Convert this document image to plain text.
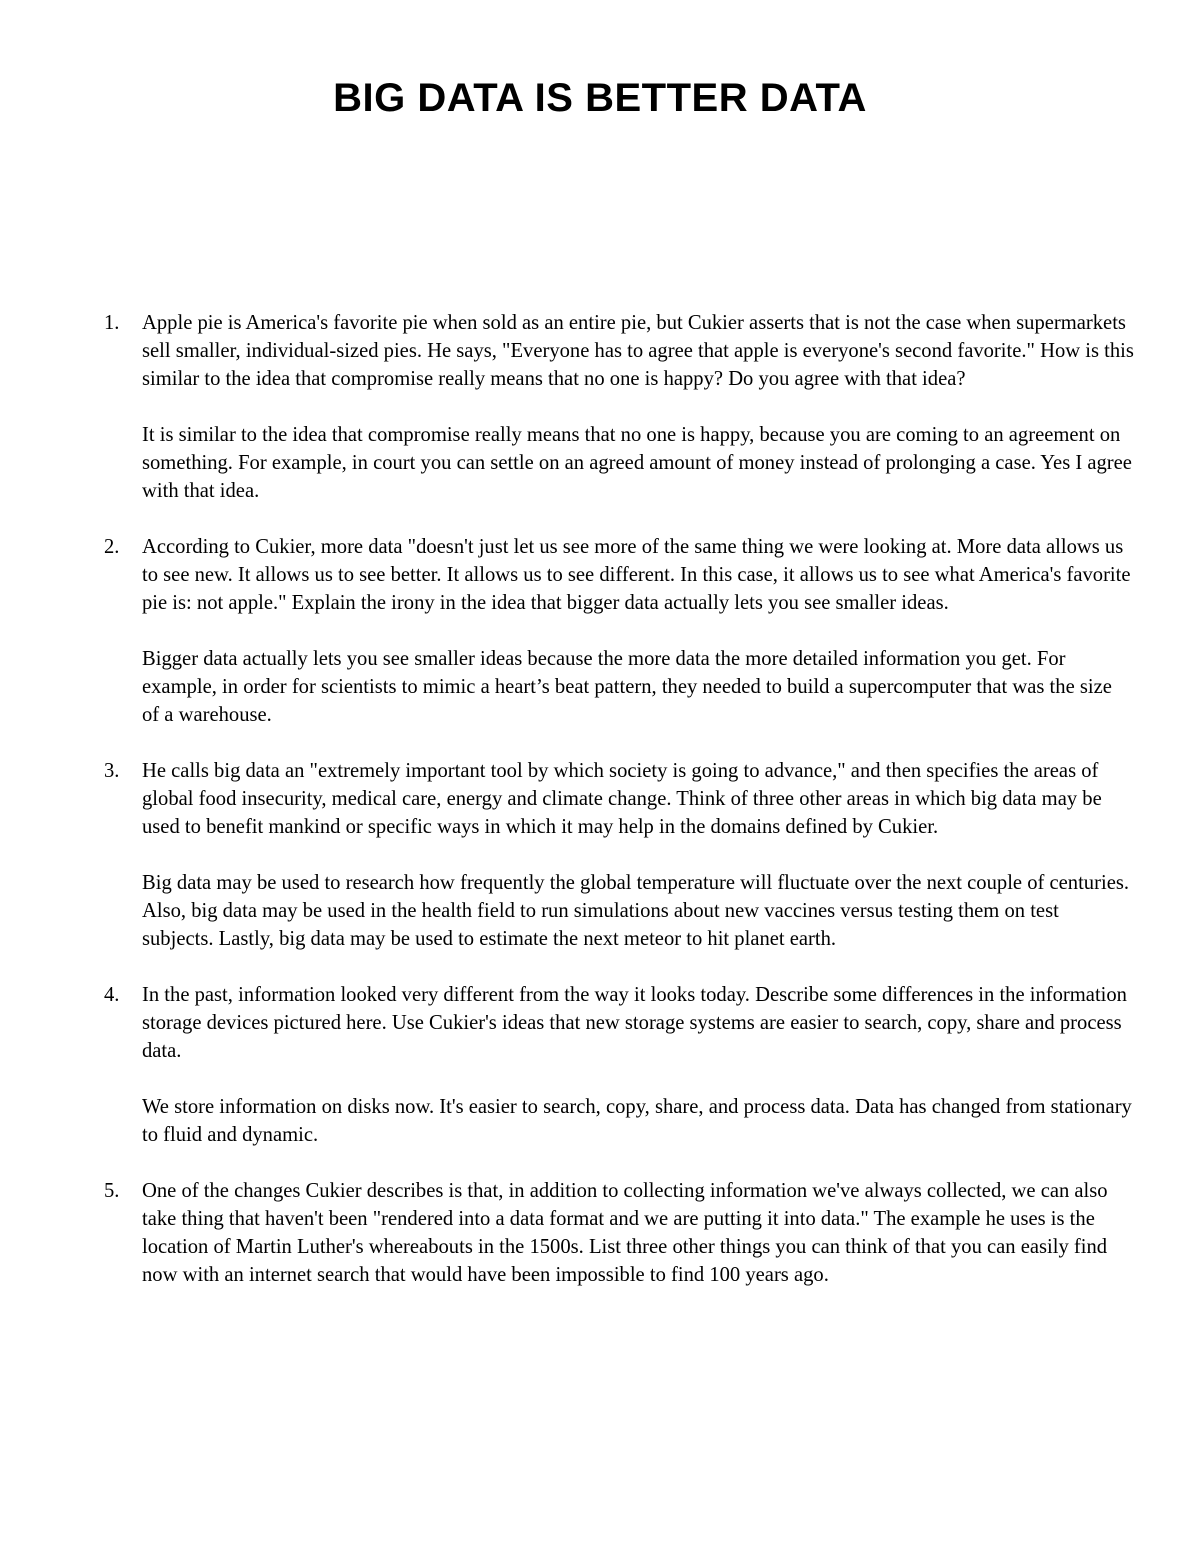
BIG DATA IS BETTER DATA
1.	Apple pie is America's favorite pie when sold as an entire pie, but Cukier asserts that is not the case when supermarkets sell smaller, individual-sized pies. He says, "Everyone has to agree that apple is everyone's second favorite." How is this similar to the idea that compromise really means that no one is happy? Do you agree with that idea?

It is similar to the idea that compromise really means that no one is happy, because you are coming to an agreement on something. For example, in court you can settle on an agreed amount of money instead of prolonging a case. Yes I agree with that idea.

2.	According to Cukier, more data "doesn't just let us see more of the same thing we were looking at. More data allows us to see new. It allows us to see better. It allows us to see different. In this case, it allows us to see what America's favorite pie is: not apple." Explain the irony in the idea that bigger data actually lets you see smaller ideas.

Bigger data actually lets you see smaller ideas because the more data the more detailed information you get. For example, in order for scientists to mimic a heart’s beat pattern, they needed to build a supercomputer that was the size of a warehouse.

3.	He calls big data an "extremely important tool by which society is going to advance," and then specifies the areas of global food insecurity, medical care, energy and climate change. Think of three other areas in which big data may be used to benefit mankind or specific ways in which it may help in the domains defined by Cukier.

Big data may be used to research how frequently the global temperature will fluctuate over the next couple of centuries. Also, big data may be used in the health field to run simulations about new vaccines versus testing them on test subjects. Lastly, big data may be used to estimate the next meteor to hit planet earth.

4.	In the past, information looked very different from the way it looks today. Describe some differences in the information storage devices pictured here. Use Cukier's ideas that new storage systems are easier to search, copy, share and process data.

We store information on disks now. It's easier to search, copy, share, and process data. Data has changed from stationary to fluid and dynamic.

5.	One of the changes Cukier describes is that, in addition to collecting information we've always collected, we can also take thing that haven't been "rendered into a data format and we are putting it into data." The example he uses is the location of Martin Luther's whereabouts in the 1500s. List three other things you can think of that you can easily find now with an internet search that would have been impossible to find 100 years ago.
